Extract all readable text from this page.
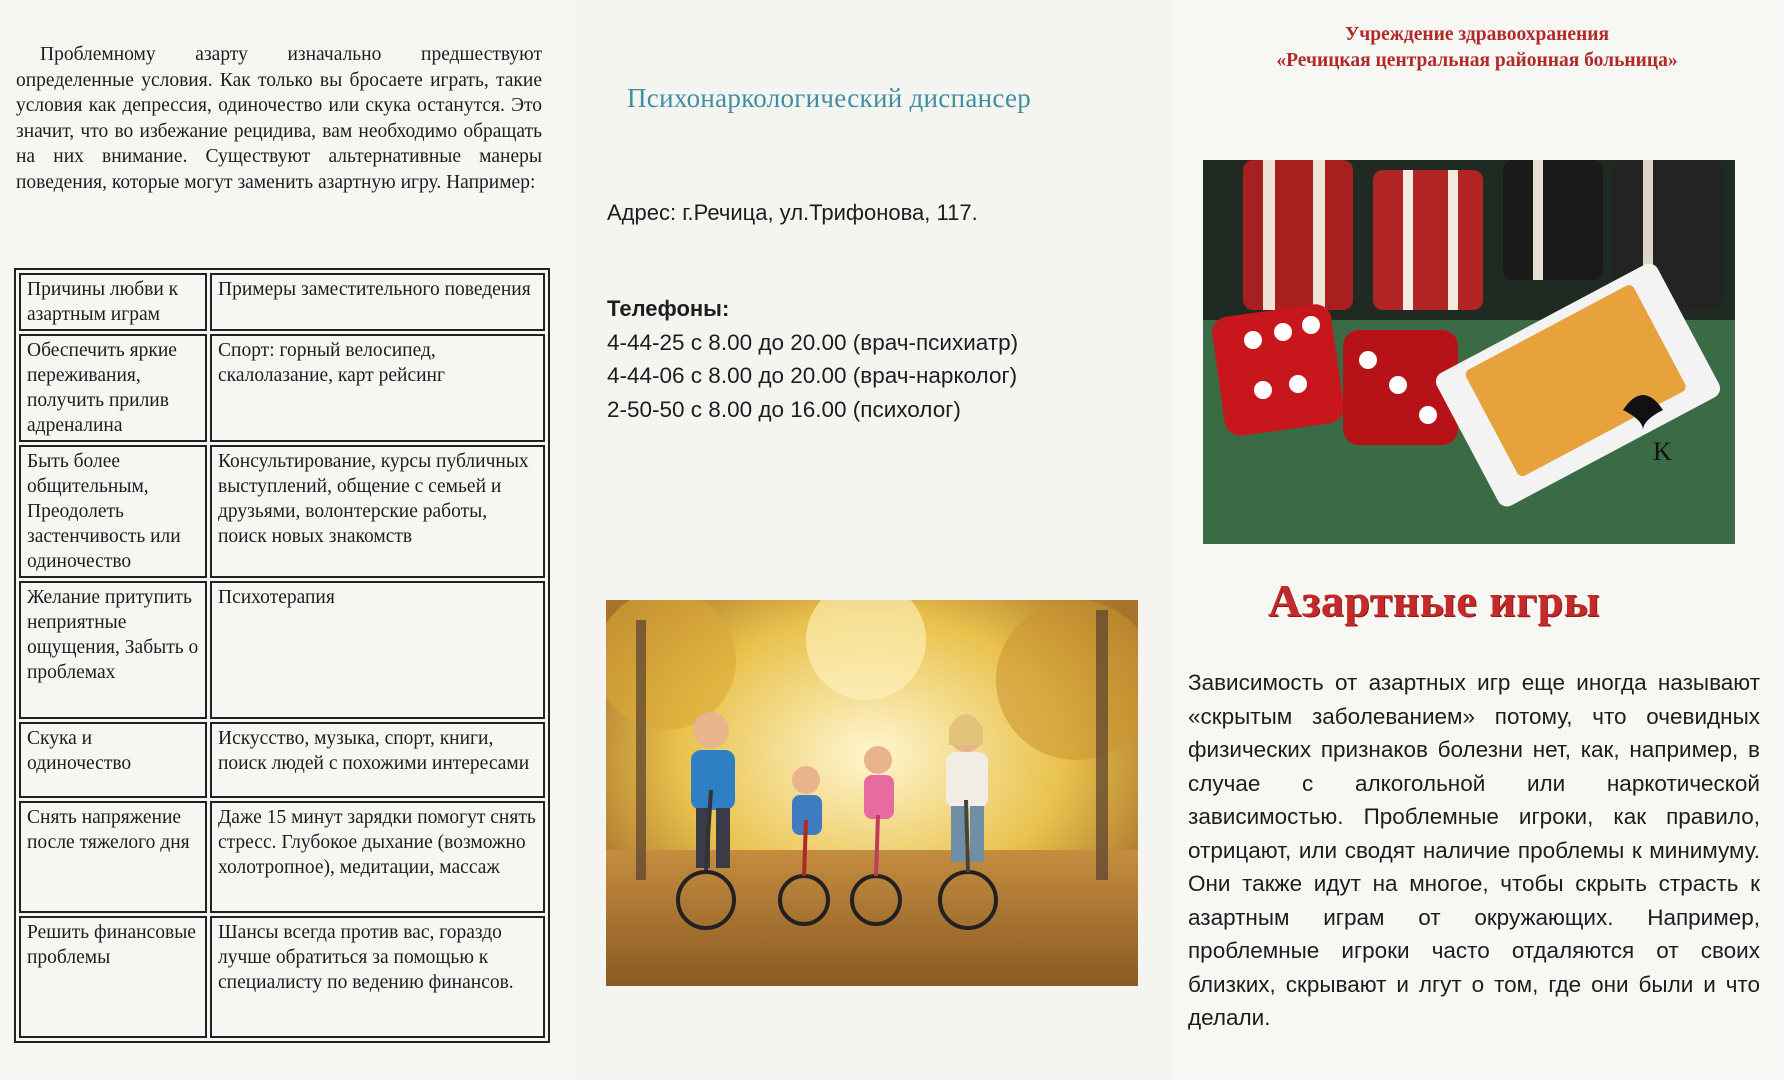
Проблемному азарту изначально предшествуют определенные условия. Как только вы бросаете играть, такие условия как депрессия, одиночество или скука останутся. Это значит, что во избежание рецидива, вам необходимо обращать на них внимание. Существуют альтернативные манеры поведения, которые могут заменить азартную игру. Например:
Причины любви к азартным играм	Примеры заместительного поведения
Обеспечить яркие переживания, получить прилив адреналина	Спорт: горный велосипед, скалолазание, карт рейсинг
Быть более общительным, Преодолеть застенчивость или одиночество	Консультирование, курсы публичных выступлений, общение с семьей и друзьями, волонтерские работы, поиск новых знакомств
Желание притупить неприятные ощущения, Забыть о проблемах	Психотерапия
Скука и одиночество	Искусство, музыка, спорт, книги, поиск людей с похожими интересами
Снять напряжение после тяжелого дня	Даже 15 минут зарядки помогут снять стресс. Глубокое дыхание (возможно холотропное), медитации, массаж
Решить финансовые проблемы	Шансы всегда против вас, гораздо лучше обратиться за помощью к специалисту по ведению финансов.
Психонаркологический диспансер
Адрес: г.Речица, ул.Трифонова, 117.
Телефоны:
4-44-25 с 8.00 до 20.00 (врач-психиатр)
4-44-06 с 8.00 до 20.00 (врач-нарколог)
2-50-50 с 8.00 до 16.00 (психолог)
Учреждение здравоохранения
«Речицкая центральная районная больница»
K
Азартные игры
Зависимость от азартных игр еще иногда называют «скрытым заболеванием» потому, что очевидных физических признаков болезни нет, как, например, в случае с алкогольной или наркотической зависимостью. Проблемные игроки, как правило, отрицают, или сводят наличие проблемы к минимуму. Они также идут на многое, чтобы скрыть страсть к азартным играм от окружающих. Например, проблемные игроки часто отдаляются от своих близких, скрывают и лгут о том, где они были и что делали.
